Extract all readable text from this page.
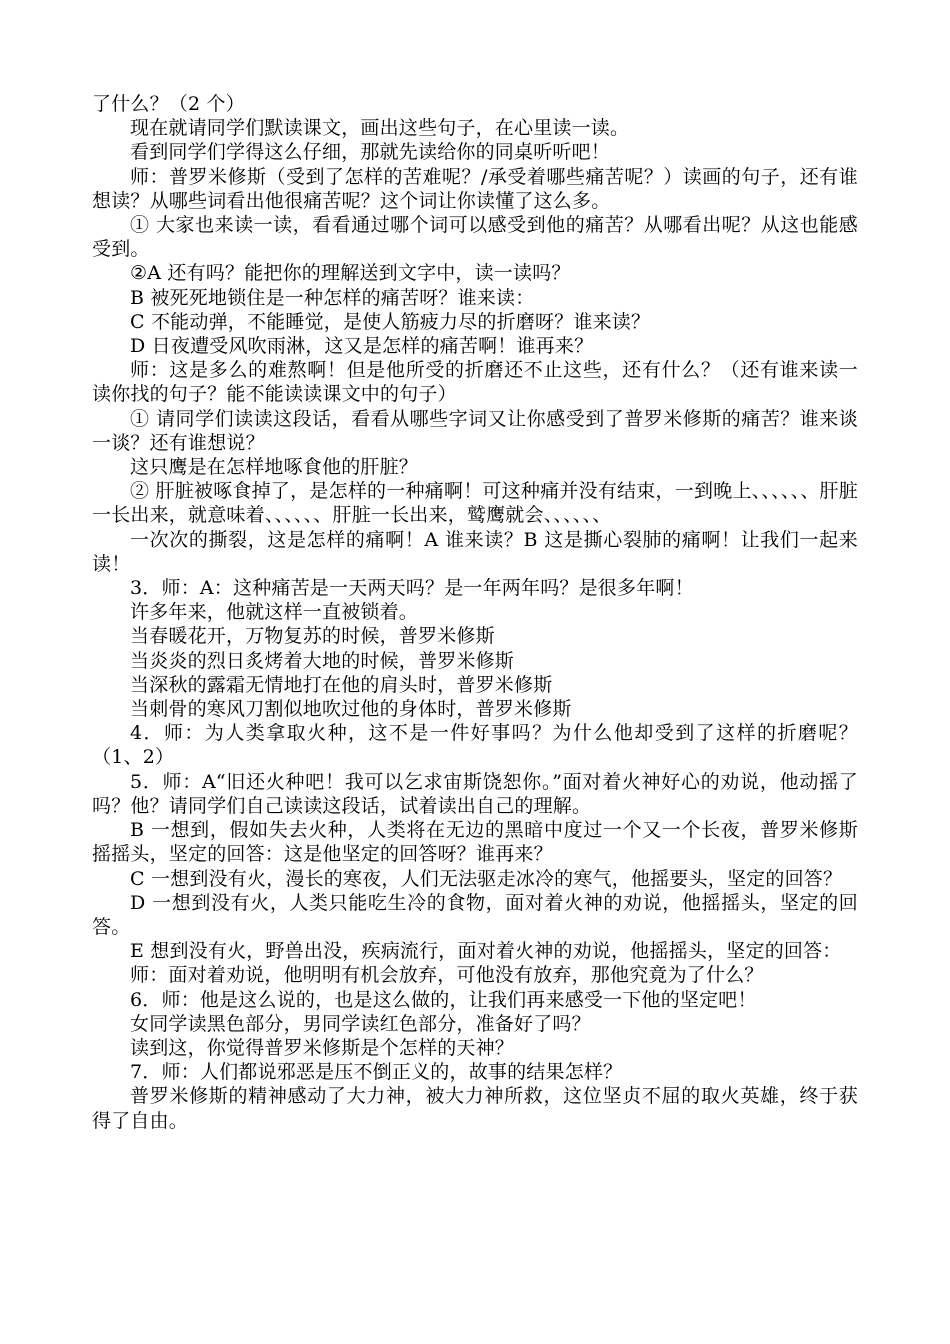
了什么？（2 个）

现在就请同学们默读课文，画出这些句子，在心里读一读。

看到同学们学得这么仔细，那就先读给你的同桌听听吧！

师：普罗米修斯（受到了怎样的苦难呢？/承受着哪些痛苦呢？）读画的句子，还有谁想读？从哪些词看出他很痛苦呢？这个词让你读懂了这么多。

① 大家也来读一读，看看通过哪个词可以感受到他的痛苦？从哪看出呢？从这也能感受到。

②A 还有吗？能把你的理解送到文字中，读一读吗？

B 被死死地锁住是一种怎样的痛苦呀？谁来读：

C 不能动弹，不能睡觉，是使人筋疲力尽的折磨呀？谁来读？

D 日夜遭受风吹雨淋，这又是怎样的痛苦啊！谁再来？

师：这是多么的难熬啊！但是他所受的折磨还不止这些，还有什么？（还有谁来读一读你找的句子？能不能读读课文中的句子）

① 请同学们读读这段话，看看从哪些字词又让你感受到了普罗米修斯的痛苦？谁来谈一谈？还有谁想说？

这只鹰是在怎样地啄食他的肝脏？

② 肝脏被啄食掉了，是怎样的一种痛啊！可这种痛并没有结束，一到晚上、、、、、、肝脏一长出来，就意味着、、、、、、肝脏一长出来，鹫鹰就会、、、、、、

一次次的撕裂，这是怎样的痛啊！A 谁来读？B 这是撕心裂肺的痛啊！让我们一起来读！

3．师：A：这种痛苦是一天两天吗？是一年两年吗？是很多年啊！

许多年来，他就这样一直被锁着。

当春暖花开，万物复苏的时候，普罗米修斯

当炎炎的烈日炙烤着大地的时候，普罗米修斯

当深秋的露霜无情地打在他的肩头时，普罗米修斯

当刺骨的寒风刀割似地吹过他的身体时，普罗米修斯

4．师：为人类拿取火种，这不是一件好事吗？为什么他却受到了这样的折磨呢？（1、2）

5．师：A“旧还火种吧！我可以乞求宙斯饶恕你。”面对着火神好心的劝说，他动摇了吗？他？请同学们自己读读这段话，试着读出自己的理解。

B 一想到，假如失去火种，人类将在无边的黑暗中度过一个又一个长夜，普罗米修斯摇摇头，坚定的回答：这是他坚定的回答呀？谁再来？

C 一想到没有火，漫长的寒夜，人们无法驱走冰冷的寒气，他摇要头，坚定的回答？

D 一想到没有火，人类只能吃生冷的食物，面对着火神的劝说，他摇摇头，坚定的回答。

E 想到没有火，野兽出没，疾病流行，面对着火神的劝说，他摇摇头，坚定的回答：

师：面对着劝说，他明明有机会放弃，可他没有放弃，那他究竟为了什么？

6．师：他是这么说的，也是这么做的，让我们再来感受一下他的坚定吧！

女同学读黑色部分，男同学读红色部分，准备好了吗？

读到这，你觉得普罗米修斯是个怎样的天神？

7．师：人们都说邪恶是压不倒正义的，故事的结果怎样？

普罗米修斯的精神感动了大力神，被大力神所救，这位坚贞不屈的取火英雄，终于获得了自由。
